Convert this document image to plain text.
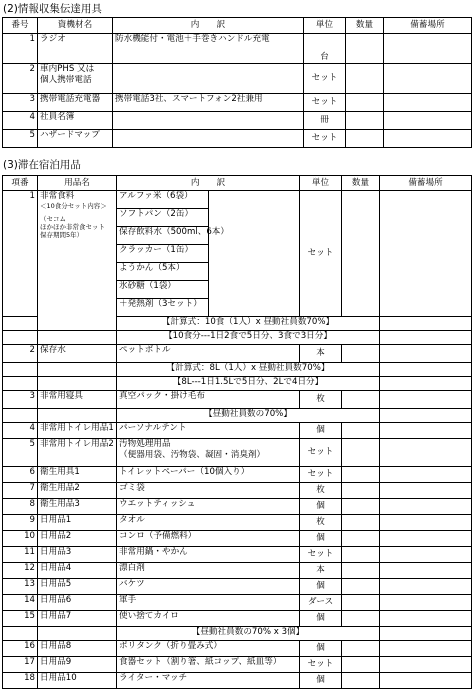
(2)情報収集伝達用具
番号	資機材名	内　　訳	単位	数量	備蓄場所
1	ラジオ	防水機能付・電池＋手巻きハンドル充電	台		
2	車内PHS 又は
個人携帯電話		セット		
3	携帯電話充電器	携帯電話3社、スマートフォン2社兼用	セット		
4	社員名簿		冊		
5	ハザードマップ		セット		
(3)滞在宿泊用品
項番	用品名	内　　訳		単位	数量	備蓄場所
1	非常食料
＜10食分セット内容＞
（セコム
ほかほか非常食セット
保存期間5年）	アルファ米（6袋）		セット		
		ソフトパン（2缶）				
		保存飲料水（500ml、6本）				
		クラッカー（1缶）				
		ようかん（5本）				
		氷砂糖（1袋）				
		＋発熱剤（3セット）				
		【計算式：10食（1人）x 昼動社員数70%】				
		【10食分---1日2食で5日分、3食で3日分】				
2	保存水	ペットボトル		本		
		【計算式：8L（1人）x 昼動社員数70%】				
		【8L---1日1.5Lで5日分、2Lで4日分】				
3	非常用寝具	真空パック・掛け毛布		枚		
		【昼動社員数の70%】				
4	非常用トイレ用品1	パーソナルテント		個		
5	非常用トイレ用品2	汚物処理用品
（便器用袋、汚物袋、凝固・消臭剤）		セット		
6	衛生用具1	トイレットペーパー（10個入り）		セット		
7	衛生用品2	ゴミ袋		枚		
8	衛生用品3	ウエットティッシュ		個		
9	日用品1	タオル		枚		
10	日用品2	コンロ（予備燃料）		個		
11	日用品3	非常用鍋・やかん		セット		
12	日用品4	漂白剤		本		
13	日用品5	バケツ		個		
14	日用品6	軍手		ダース		
15	日用品7	使い捨てカイロ		個		
		【昼動社員数の70% x 3個】				
16	日用品8	ポリタンク（折り畳み式）		個		
17	日用品9	食器セット（割り箸、紙コップ、紙皿等）		セット		
18	日用品10	ライター・マッチ		個		
